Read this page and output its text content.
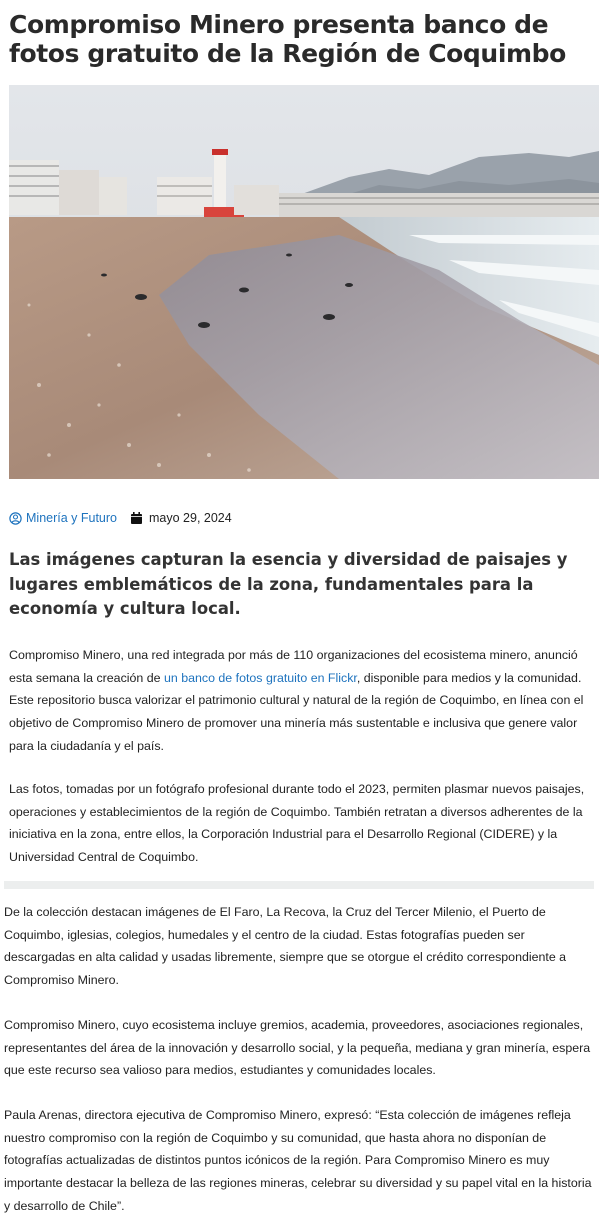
Compromiso Minero presenta banco de fotos gratuito de la Región de Coquimbo
Minería y Futuro	mayo 29, 2024

Las imágenes capturan la esencia y diversidad de paisajes y lugares emblemáticos de la zona, fundamentales para la economía y cultura local.

Compromiso Minero, una red integrada por más de 110 organizaciones del ecosistema minero, anunció esta semana la creación de un banco de fotos gratuito en Flickr, disponible para medios y la comunidad. Este repositorio busca valorizar el patrimonio cultural y natural de la región de Coquimbo, en línea con el objetivo de Compromiso Minero de promover una minería más sustentable e inclusiva que genere valor para la ciudadanía y el país.

Las fotos, tomadas por un fotógrafo profesional durante todo el 2023, permiten plasmar nuevos paisajes, operaciones y establecimientos de la región de Coquimbo. También retratan a diversos adherentes de la iniciativa en la zona, entre ellos, la Corporación Industrial para el Desarrollo Regional (CIDERE) y la Universidad Central de Coquimbo.

De la colección destacan imágenes de El Faro, La Recova, la Cruz del Tercer Milenio, el Puerto de Coquimbo, iglesias, colegios, humedales y el centro de la ciudad. Estas fotografías pueden ser descargadas en alta calidad y usadas libremente, siempre que se otorgue el crédito correspondiente a Compromiso Minero.

Compromiso Minero, cuyo ecosistema incluye gremios, academia, proveedores, asociaciones regionales, representantes del área de la innovación y desarrollo social, y la pequeña, mediana y gran minería, espera que este recurso sea valioso para medios, estudiantes y comunidades locales.

Paula Arenas, directora ejecutiva de Compromiso Minero, expresó: “Esta colección de imágenes refleja nuestro compromiso con la región de Coquimbo y su comunidad, que hasta ahora no disponían de fotografías actualizadas de distintos puntos icónicos de la región. Para Compromiso Minero es muy importante destacar la belleza de las regiones mineras, celebrar su diversidad y su papel vital en la historia y desarrollo de Chile”.
